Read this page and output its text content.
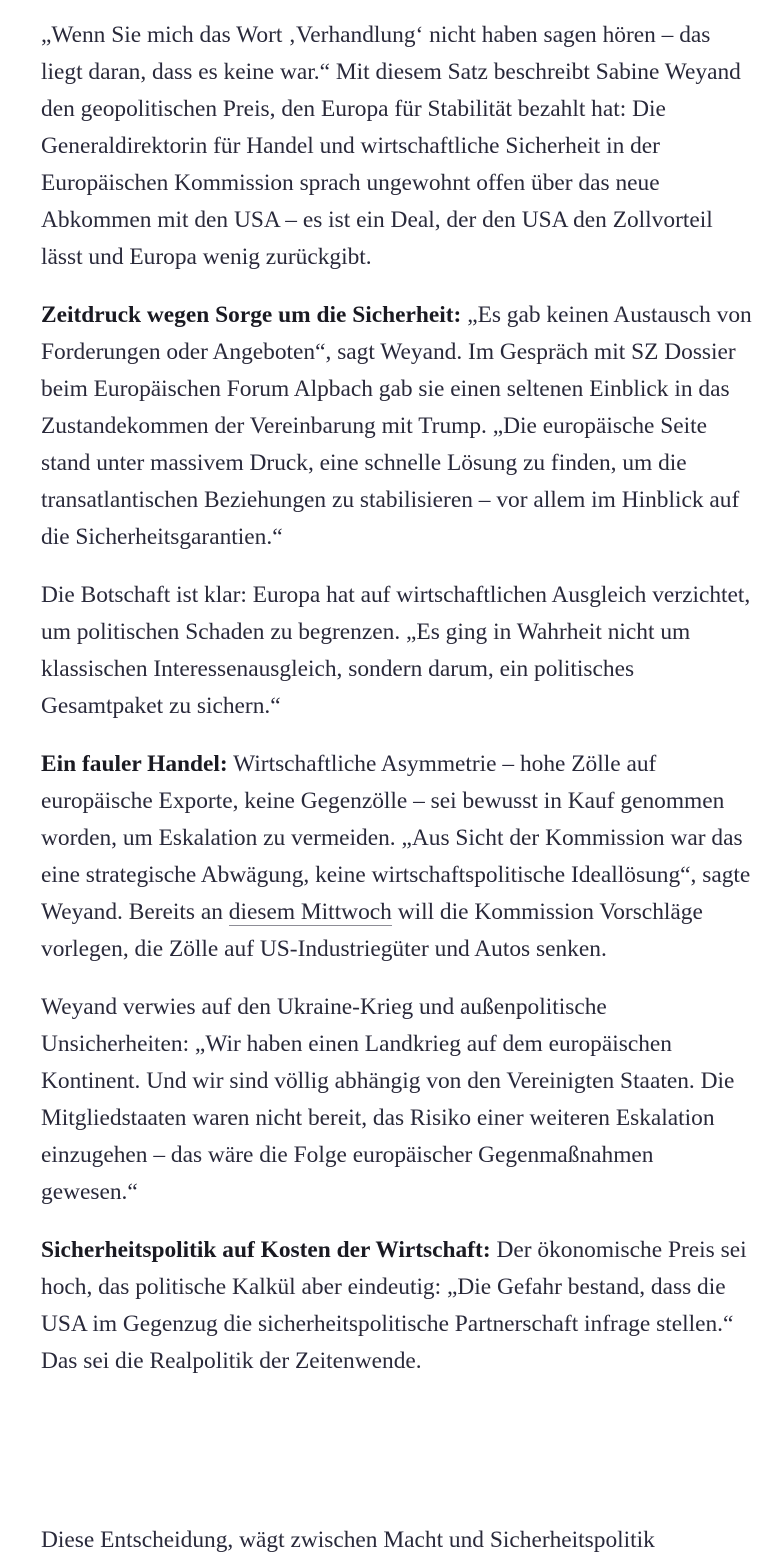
„Wenn Sie mich das Wort ‚Verhandlung‘ nicht haben sagen hören – das liegt daran, dass es keine war.“ Mit diesem Satz beschreibt Sabine Weyand den geopolitischen Preis, den Europa für Stabilität bezahlt hat: Die Generaldirektorin für Handel und wirtschaftliche Sicherheit in der Europäischen Kommission sprach ungewohnt offen über das neue Abkommen mit den USA – es ist ein Deal, der den USA den Zollvorteil lässt und Europa wenig zurückgibt.

Zeitdruck wegen Sorge um die Sicherheit: „Es gab keinen Austausch von Forderungen oder Angeboten“, sagt Weyand. Im Gespräch mit SZ Dossier beim Europäischen Forum Alpbach gab sie einen seltenen Einblick in das Zustandekommen der Vereinbarung mit Trump. „Die europäische Seite stand unter massivem Druck, eine schnelle Lösung zu finden, um die transatlantischen Beziehungen zu stabilisieren – vor allem im Hinblick auf die Sicherheitsgarantien.“

Die Botschaft ist klar: Europa hat auf wirtschaftlichen Ausgleich verzichtet, um politischen Schaden zu begrenzen. „Es ging in Wahrheit nicht um klassischen Interessenausgleich, sondern darum, ein politisches Gesamtpaket zu sichern.“

Ein fauler Handel: Wirtschaftliche Asymmetrie – hohe Zölle auf europäische Exporte, keine Gegenzölle – sei bewusst in Kauf genommen worden, um Eskalation zu vermeiden. „Aus Sicht der Kommission war das eine strategische Abwägung, keine wirtschaftspolitische Ideallösung“, sagte Weyand. Bereits an diesem Mittwoch will die Kommission Vorschläge vorlegen, die Zölle auf US-Industriegüter und Autos senken.

Weyand verwies auf den Ukraine-Krieg und außenpolitische Unsicherheiten: „Wir haben einen Landkrieg auf dem europäischen Kontinent. Und wir sind völlig abhängig von den Vereinigten Staaten. Die Mitgliedstaaten waren nicht bereit, das Risiko einer weiteren Eskalation einzugehen – das wäre die Folge europäischer Gegenmaßnahmen gewesen.“

Sicherheitspolitik auf Kosten der Wirtschaft: Der ökonomische Preis sei hoch, das politische Kalkül aber eindeutig: „Die Gefahr bestand, dass die USA im Gegenzug die sicherheitspolitische Partnerschaft infrage stellen.“ Das sei die Realpolitik der Zeitenwende.

Diese Entscheidung, wägt zwischen Macht und Sicherheitspolitik
